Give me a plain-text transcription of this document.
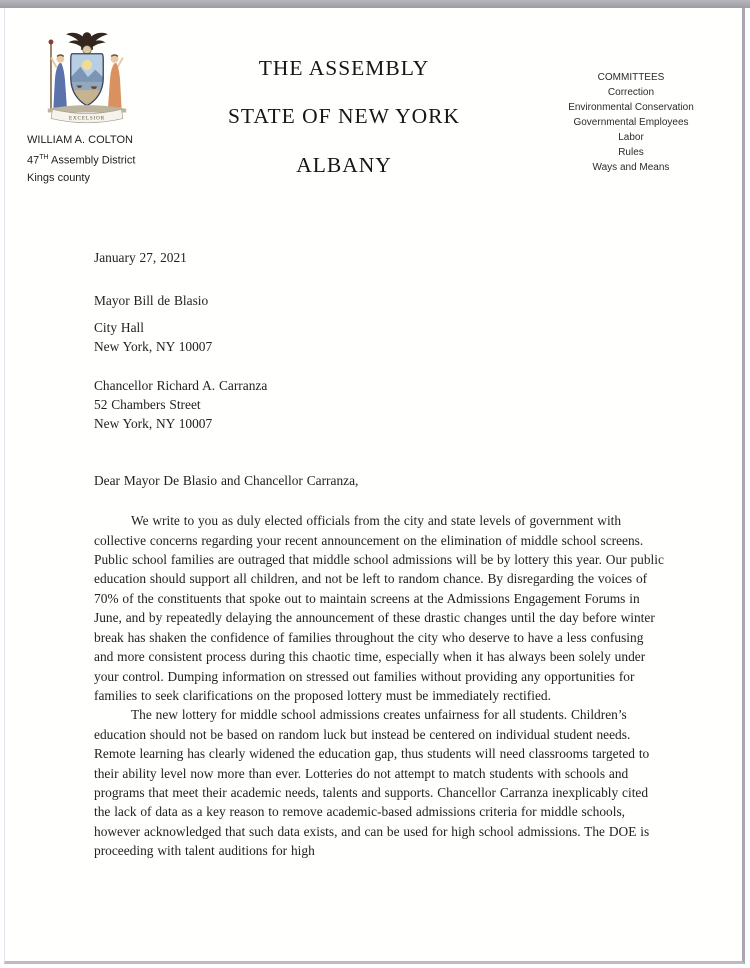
EXCELSIOR
WILLIAM A. COLTON
47TH Assembly District
Kings county
THE ASSEMBLY
STATE OF NEW YORK
ALBANY
COMMITTEES
Correction
Environmental Conservation
Governmental Employees
Labor
Rules
Ways and Means
January 27, 2021
Mayor Bill de Blasio
City Hall
New York, NY 10007
Chancellor Richard A. Carranza
52 Chambers Street
New York, NY 10007
Dear Mayor De Blasio and Chancellor Carranza,

We write to you as duly elected officials from the city and state levels of government with collective concerns regarding your recent announcement on the elimination of middle school screens. Public school families are outraged that middle school admissions will be by lottery this year. Our public education should support all children, and not be left to random chance. By disregarding the voices of 70% of the constituents that spoke out to maintain screens at the Admissions Engagement Forums in June, and by repeatedly delaying the announcement of these drastic changes until the day before winter break has shaken the confidence of families throughout the city who deserve to have a less confusing and more consistent process during this chaotic time, especially when it has always been solely under your control. Dumping information on stressed out families without providing any opportunities for families to seek clarifications on the proposed lottery must be immediately rectified.

The new lottery for middle school admissions creates unfairness for all students. Children’s education should not be based on random luck but instead be centered on individual student needs. Remote learning has clearly widened the education gap, thus students will need classrooms targeted to their ability level now more than ever. Lotteries do not attempt to match students with schools and programs that meet their academic needs, talents and supports. Chancellor Carranza inexplicably cited the lack of data as a key reason to remove academic-based admissions criteria for middle schools, however acknowledged that such data exists, and can be used for high school admissions. The DOE is proceeding with talent auditions for high
